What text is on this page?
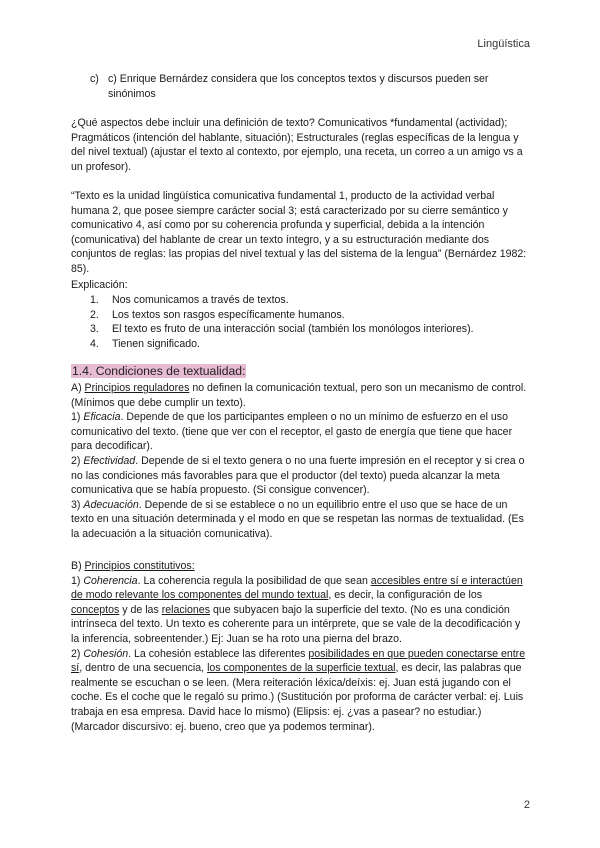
Lingüística
c) c) Enrique Bernárdez considera que los conceptos textos y discursos pueden ser sinónimos

¿Qué aspectos debe incluir una definición de texto? Comunicativos *fundamental (actividad); Pragmáticos (intención del hablante, situación); Estructurales (reglas específicas de la lengua y del nivel textual) (ajustar el texto al contexto, por ejemplo, una receta, un correo a un amigo vs a un profesor).

“Texto es la unidad lingüística comunicativa fundamental 1, producto de la actividad verbal humana 2, que posee siempre carácter social 3; está caracterizado por su cierre semántico y comunicativo 4, así como por su coherencia profunda y superficial, debida a la intención (comunicativa) del hablante de crear un texto íntegro, y a su estructuración mediante dos conjuntos de reglas: las propias del nivel textual y las del sistema de la lengua” (Bernárdez 1982: 85).

Explicación:

1. Nos comunicamos a través de textos.
2. Los textos son rasgos específicamente humanos.
3. El texto es fruto de una interacción social (también los monólogos interiores).
4. Tienen significado.
1.4. Condiciones de textualidad:

A) Principios reguladores no definen la comunicación textual, pero son un mecanismo de control. (Mínimos que debe cumplir un texto).

1) Eficacia. Depende de que los participantes empleen o no un mínimo de esfuerzo en el uso comunicativo del texto. (tiene que ver con el receptor, el gasto de energía que tiene que hacer para decodificar).

2) Efectividad. Depende de si el texto genera o no una fuerte impresión en el receptor y si crea o no las condiciones más favorables para que el productor (del texto) pueda alcanzar la meta comunicativa que se había propuesto. (Si consigue convencer).

3) Adecuación. Depende de si se establece o no un equilibrio entre el uso que se hace de un texto en una situación determinada y el modo en que se respetan las normas de textualidad. (Es la adecuación a la situación comunicativa).

B) Principios constitutivos:

1) Coherencia. La coherencia regula la posibilidad de que sean accesibles entre sí e interactúen de modo relevante los componentes del mundo textual, es decir, la configuración de los conceptos y de las relaciones que subyacen bajo la superficie del texto. (No es una condición intrínseca del texto. Un texto es coherente para un intérprete, que se vale de la decodificación y la inferencia, sobreentender.) Ej: Juan se ha roto una pierna del brazo.

2) Cohesión. La cohesión establece las diferentes posibilidades en que pueden conectarse entre sí, dentro de una secuencia, los componentes de la superficie textual, es decir, las palabras que realmente se escuchan o se leen. (Mera reiteración léxica/deíxis: ej. Juan está jugando con el coche. Es el coche que le regaló su primo.) (Sustitución por proforma de carácter verbal: ej. Luis trabaja en esa empresa. David hace lo mismo) (Elipsis: ej. ¿vas a pasear? no estudiar.) (Marcador discursivo: ej. bueno, creo que ya podemos terminar).

2
